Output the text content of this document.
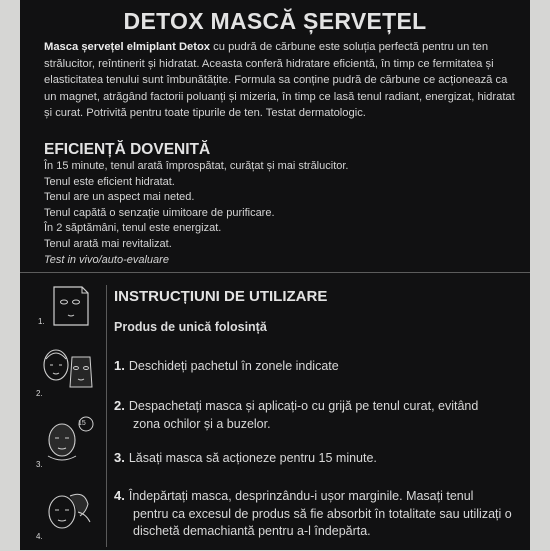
DETOX MASCĂ ȘERVEȚEL
Masca șervețel elmiplant Detox cu pudră de cărbune este soluția perfectă pentru un ten strălucitor, reîntinerit și hidratat. Aceasta conferă hidratare eficientă, în timp ce fermitatea și elasticitatea tenului sunt îmbunătățite. Formula sa conține pudră de cărbune ce acționează ca un magnet, atrăgând factorii poluanți și mizeria, în timp ce lasă tenul radiant, energizat, hidratat și curat. Potrivită pentru toate tipurile de ten. Testat dermatologic.
EFICIENȚĂ DOVENITĂ
În 15 minute, tenul arată împrospătat, curățat și mai strălucitor.
Tenul este eficient hidratat.
Tenul are un aspect mai neted.
Tenul capătă o senzație uimitoare de purificare.
În 2 săptămâni, tenul este energizat.
Tenul arată mai revitalizat.
Test in vivo/auto-evaluare
INSTRUCȚIUNI DE UTILIZARE
Produs de unică folosință
1. Deschideți pachetul în zonele indicate
2. Despachetați masca și aplicați-o cu grijă pe tenul curat, evitând
zona ochilor și a buzelor.
3. Lăsați masca să acționeze pentru 15 minute.
4. Îndepărtați masca, desprinzându-i ușor marginile. Masați tenul
pentru ca excesul de produs să fie absorbit în totalitate sau utilizați o dischetă demachiantă pentru a-l îndepărta.
1.
2.
15
3.
4.
